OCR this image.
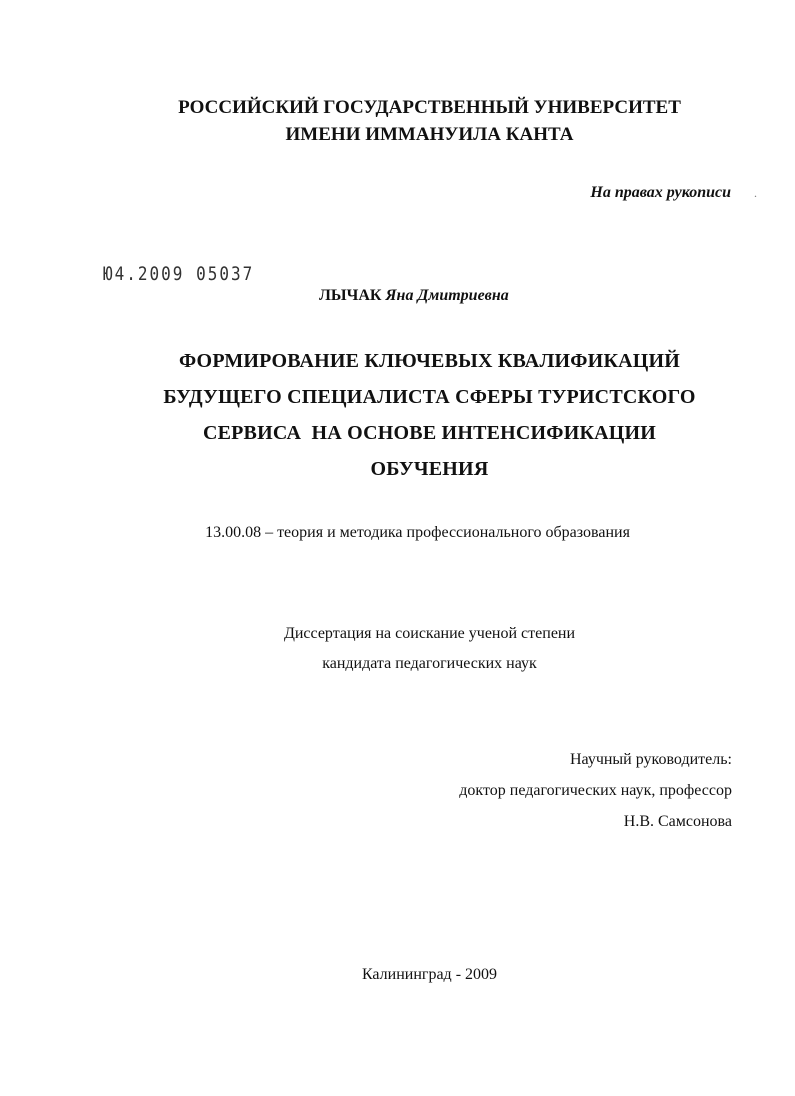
РОССИЙСКИЙ ГОСУДАРСТВЕННЫЙ УНИВЕРСИТЕТ
ИМЕНИ ИММАНУИЛА КАНТА
На правах рукописи .
Ю4.2009 05037
ЛЫЧАК Яна Дмитриевна
ФОРМИРОВАНИЕ КЛЮЧЕВЫХ КВАЛИФИКАЦИЙ
БУДУЩЕГО СПЕЦИАЛИСТА СФЕРЫ ТУРИСТСКОГО
СЕРВИСА  НА ОСНОВЕ ИНТЕНСИФИКАЦИИ
ОБУЧЕНИЯ
13.00.08 – теория и методика профессионального образования
Диссертация на соискание ученой степени
кандидата педагогических наук
Научный руководитель:
доктор педагогических наук, профессор
Н.В. Самсонова
Калининград - 2009
